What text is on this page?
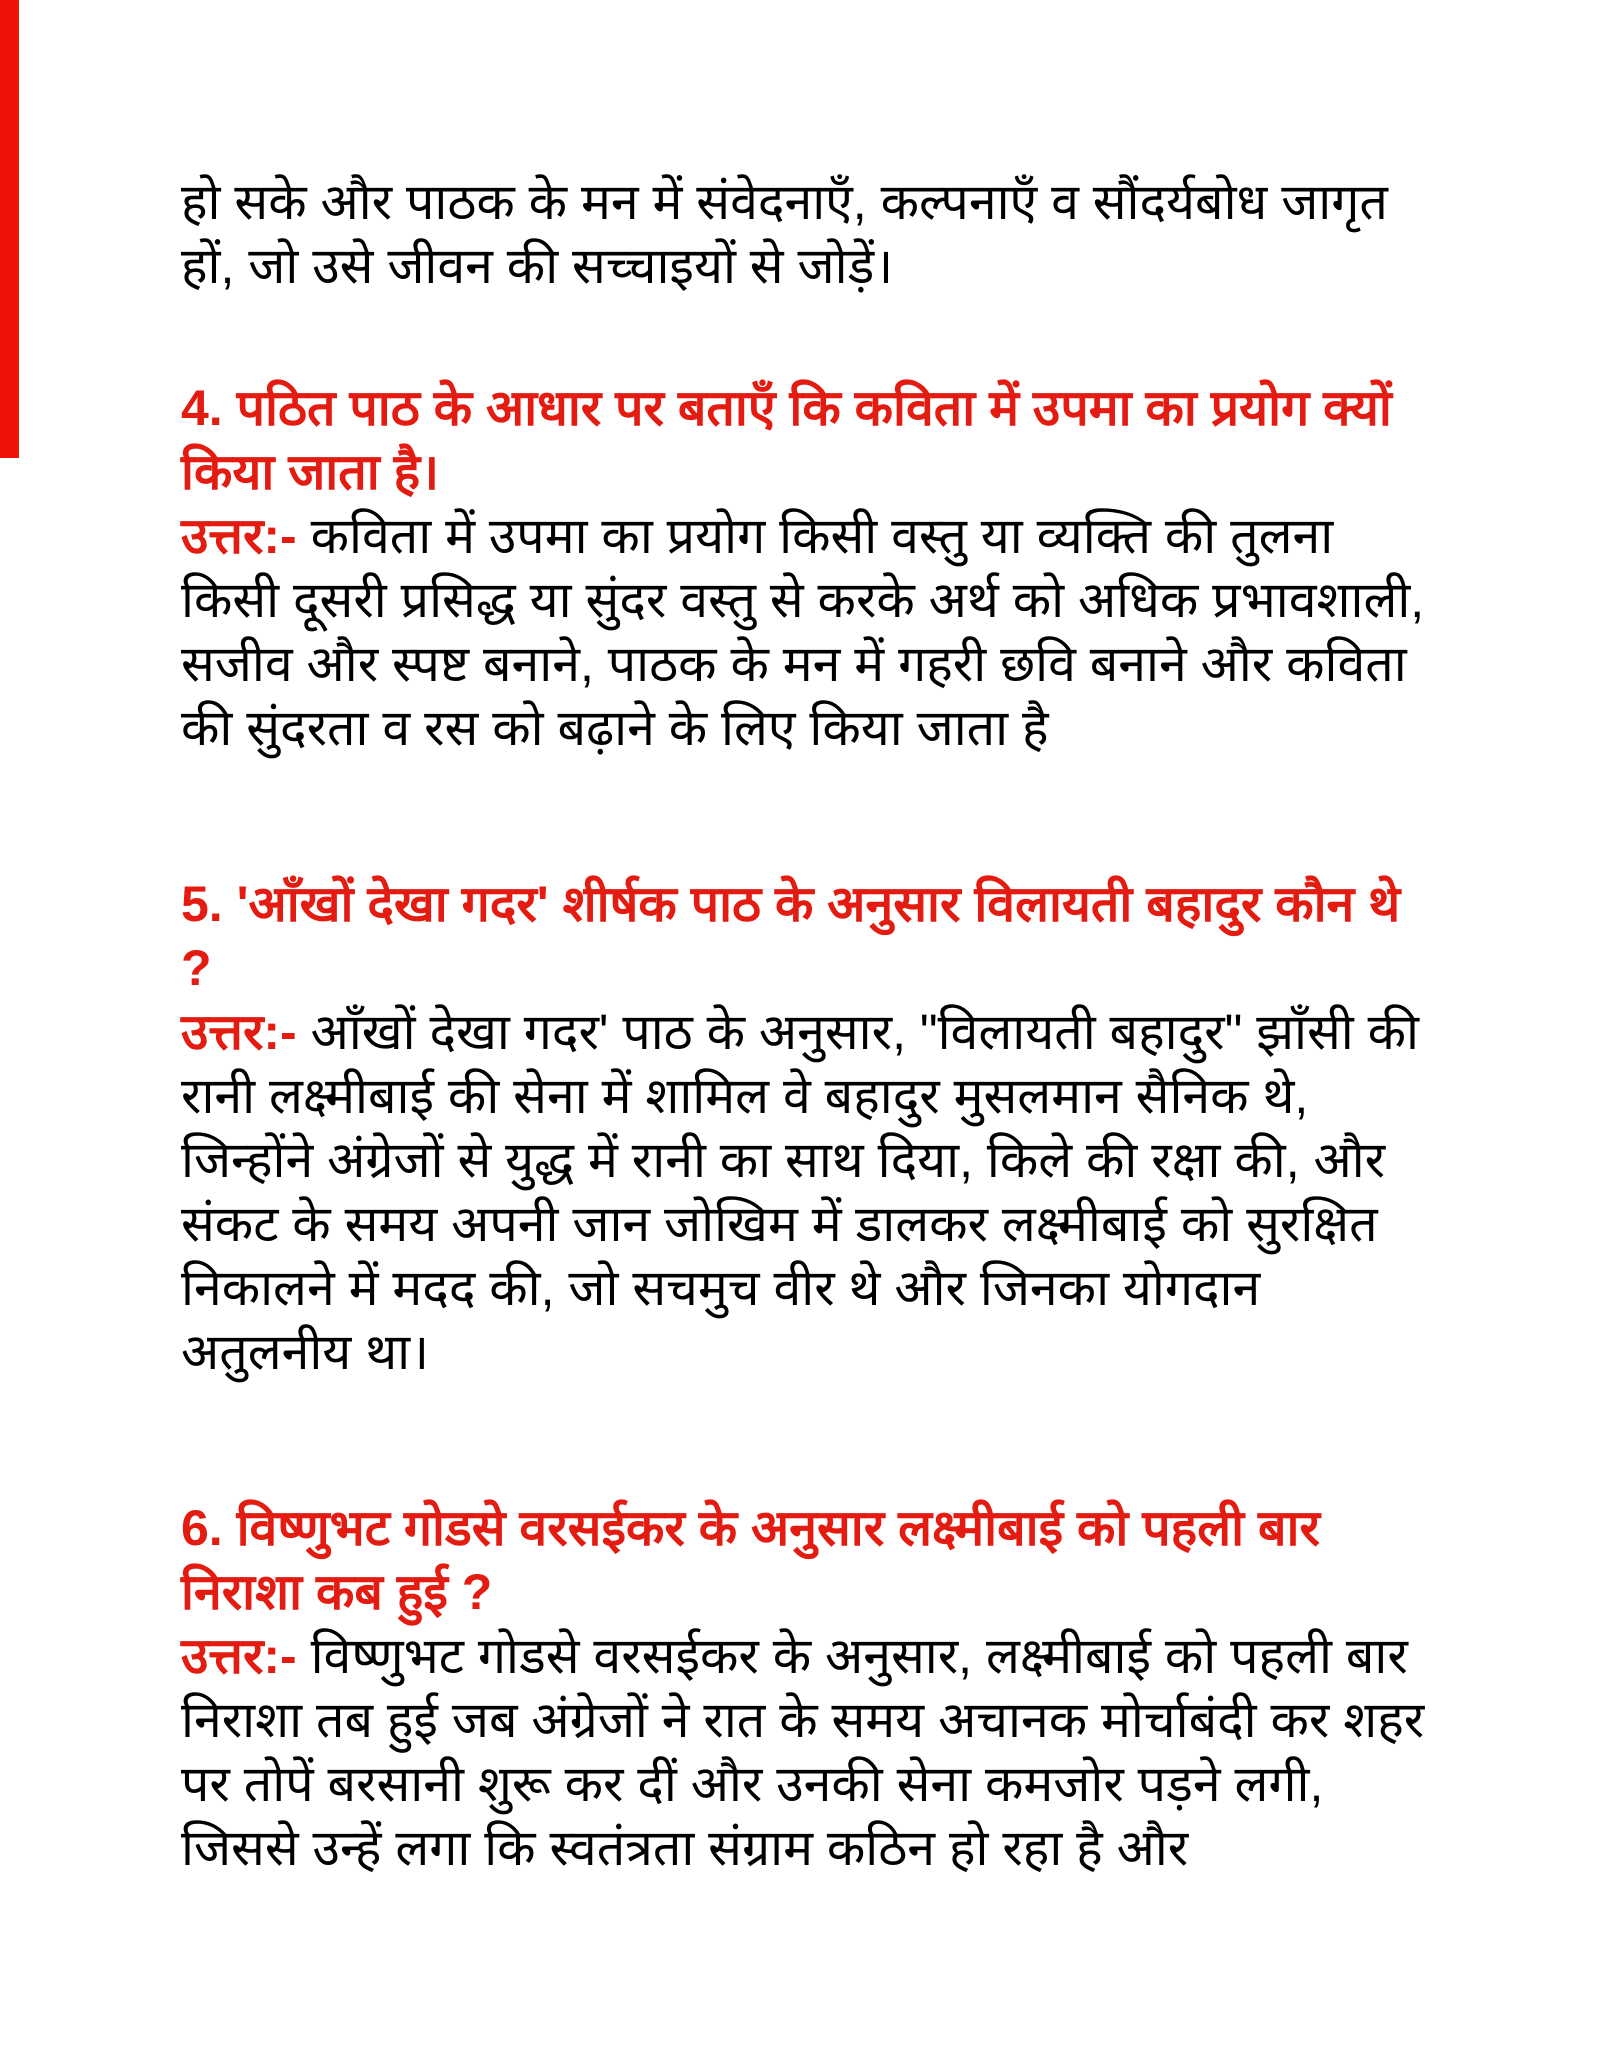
हो सके और पाठक के मन में संवेदनाएँ, कल्पनाएँ व सौंदर्यबोध जागृत हों, जो उसे जीवन की सच्चाइयों से जोड़ें।

4. पठित पाठ के आधार पर बताएँ कि कविता में उपमा का प्रयोग क्यों किया जाता है।

उत्तर:- कविता में उपमा का प्रयोग किसी वस्तु या व्यक्ति की तुलना किसी दूसरी प्रसिद्ध या सुंदर वस्तु से करके अर्थ को अधिक प्रभावशाली, सजीव और स्पष्ट बनाने, पाठक के मन में गहरी छवि बनाने और कविता की सुंदरता व रस को बढ़ाने के लिए किया जाता है

5. 'आँखों देखा गदर' शीर्षक पाठ के अनुसार विलायती बहादुर कौन थे ?

उत्तर:- आँखों देखा गदर' पाठ के अनुसार, "विलायती बहादुर" झाँसी की रानी लक्ष्मीबाई की सेना में शामिल वे बहादुर मुसलमान सैनिक थे, जिन्होंने अंग्रेजों से युद्ध में रानी का साथ दिया, किले की रक्षा की, और संकट के समय अपनी जान जोखिम में डालकर लक्ष्मीबाई को सुरक्षित निकालने में मदद की, जो सचमुच वीर थे और जिनका योगदान अतुलनीय था।

6. विष्णुभट गोडसे वरसईकर के अनुसार लक्ष्मीबाई को पहली बार निराशा कब हुई ?

उत्तर:- विष्णुभट गोडसे वरसईकर के अनुसार, लक्ष्मीबाई को पहली बार निराशा तब हुई जब अंग्रेजों ने रात के समय अचानक मोर्चाबंदी कर शहर पर तोपें बरसानी शुरू कर दीं और उनकी सेना कमजोर पड़ने लगी, जिससे उन्हें लगा कि स्वतंत्रता संग्राम कठिन हो रहा है और
